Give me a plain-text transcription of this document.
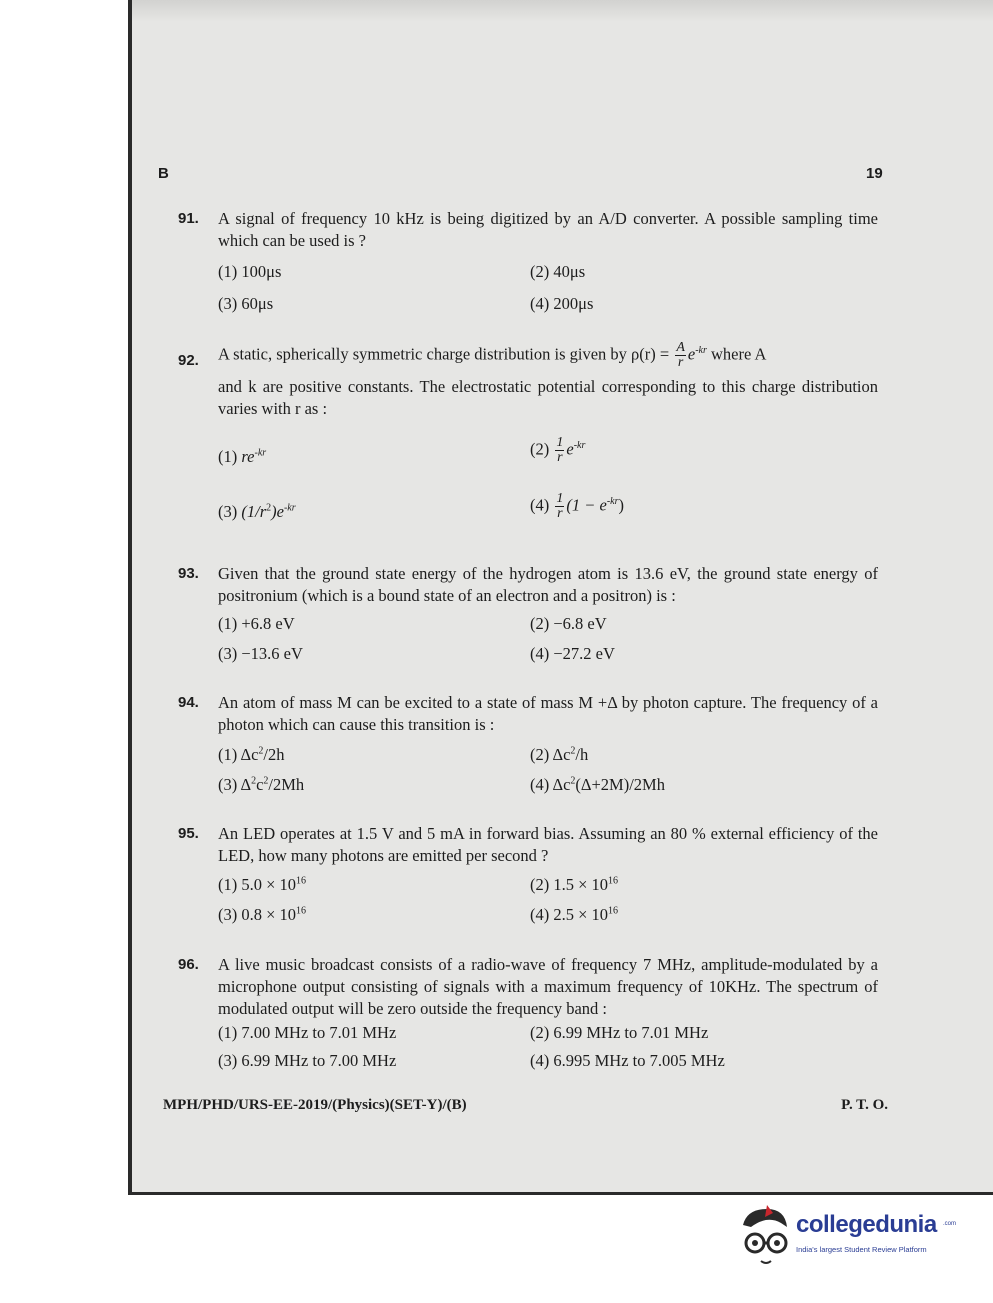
B	19
91. A signal of frequency 10 kHz is being digitized by an A/D converter. A possible sampling time which can be used is ?
(1) 100μs	(2) 40μs
(3) 60μs	(4) 200μs
92. A static, spherically symmetric charge distribution is given by $\rho(r) = \frac{A}{r} e^{-kr}$ where A
and k are positive constants. The electrostatic potential corresponding to this charge distribution varies with r as :
(1) $re^{-kr}$	$(2) \frac{1}{r} e^{-kr}$
(3) $(1/r^2)e^{-kr}$	$(4) \frac{1}{r} (1 - e^{-kr})$
93. Given that the ground state energy of the hydrogen atom is 13.6 eV, the ground state energy of positronium (which is a bound state of an electron and a positron) is :
(1) +6.8 eV	(2) −6.8 eV
(3) −13.6 eV	(4) −27.2 eV
94. An atom of mass M can be excited to a state of mass M +Δ by photon capture. The frequency of a photon which can cause this transition is :
(1) $\Delta c^2/2h$	(2) $\Delta c^2/h$
(3) $\Delta^2c^2/2Mh$	(4) $\Delta c^2(\Delta+2M)/2Mh$
95. An LED operates at 1.5 V and 5 mA in forward bias. Assuming an 80 % external efficiency of the LED, how many photons are emitted per second ?
(1) $5.0 \times 10^{16}$	(2) $1.5 \times 10^{16}$
(3) $0.8 \times 10^{16}$	(4) $2.5 \times 10^{16}$
96. A live music broadcast consists of a radio-wave of frequency 7 MHz, amplitude-modulated by a microphone output consisting of signals with a maximum frequency of 10KHz. The spectrum of modulated output will be zero outside the frequency band :
(1) 7.00 MHz to 7.01 MHz	(2) 6.99 MHz to 7.01 MHz
(3) 6.99 MHz to 7.00 MHz	(4) 6.995 MHz to 7.005 MHz
MPH/PHD/URS-EE-2019/(Physics)(SET-Y)/(B)	P. T. O.
collegedunia .com
India's largest Student Review Platform
